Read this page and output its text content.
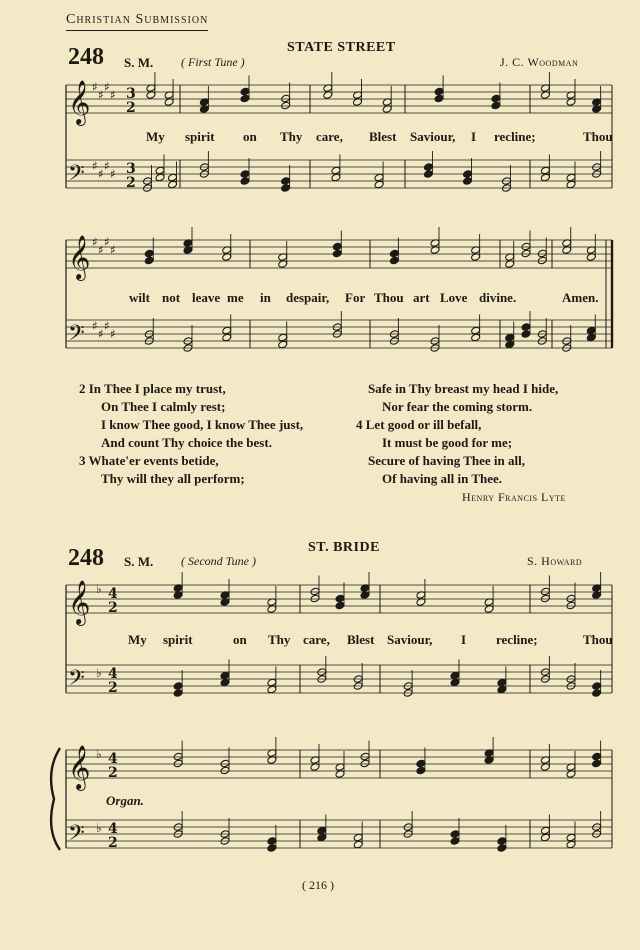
Christian Submission
248 S. M. ( First Tune )
STATE STREET
J. C. Woodman
My spirit on Thy care, Blest Saviour, I recline;	Thou
wilt not leave me in despair, For Thou art Love divine.	Amen.
2 In Thee I place my trust,
On Thee I calmly rest;
I know Thee good, I know Thee just,
And count Thy choice the best.
3 Whate'er events betide,
Thy will they all perform;
Safe in Thy breast my head I hide,
Nor fear the coming storm.
4 Let good or ill befall,
It must be good for me;
Secure of having Thee in all,
Of having all in Thee.
Henry Francis Lyte
248 S. M. ( Second Tune )
ST. BRIDE
S. Howard
My spirit	on Thy care, Blest Saviour, I recline;	Thou
Organ.
( 216 )
𝄞
𝄢
♯
♯
♯
♯
♯
♯
♯
♯
3
2
3
2
𝄞
𝄢
♯
♯
♯
♯
♯
♯
♯
♯
𝄞
𝄢
♭
♭
4
2
4
2
𝄞
𝄢
♭
♭
4
2
4
2
